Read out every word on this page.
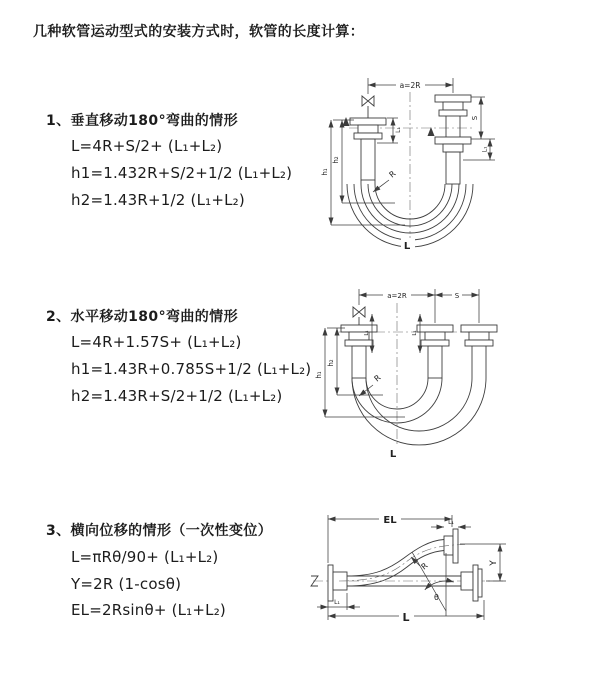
几种软管运动型式的安装方式时，软管的长度计算：
1、垂直移动180°弯曲的情形
L=4R+S/2+ (L₁+L₂)
h1=1.432R+S/2+1/2 (L₁+L₂)
h2=1.43R+1/2 (L₁+L₂)
2、水平移动180°弯曲的情形
L=4R+1.57S+ (L₁+L₂)
h1=1.43R+0.785S+1/2 (L₁+L₂)
h2=1.43R+S/2+1/2 (L₁+L₂)
3、横向位移的情形（一次性变位）
L=πRθ/90+ (L₁+L₂)
Y=2R (1-cosθ)
EL=2Rsinθ+ (L₁+L₂)
a=2R
R
S
L₁
L₁
h₁
h₂
L
a=2R	S
L₁	L₁
R
h₁
h₂
L
EL	L₁
Y
θ
R
L₁
L
